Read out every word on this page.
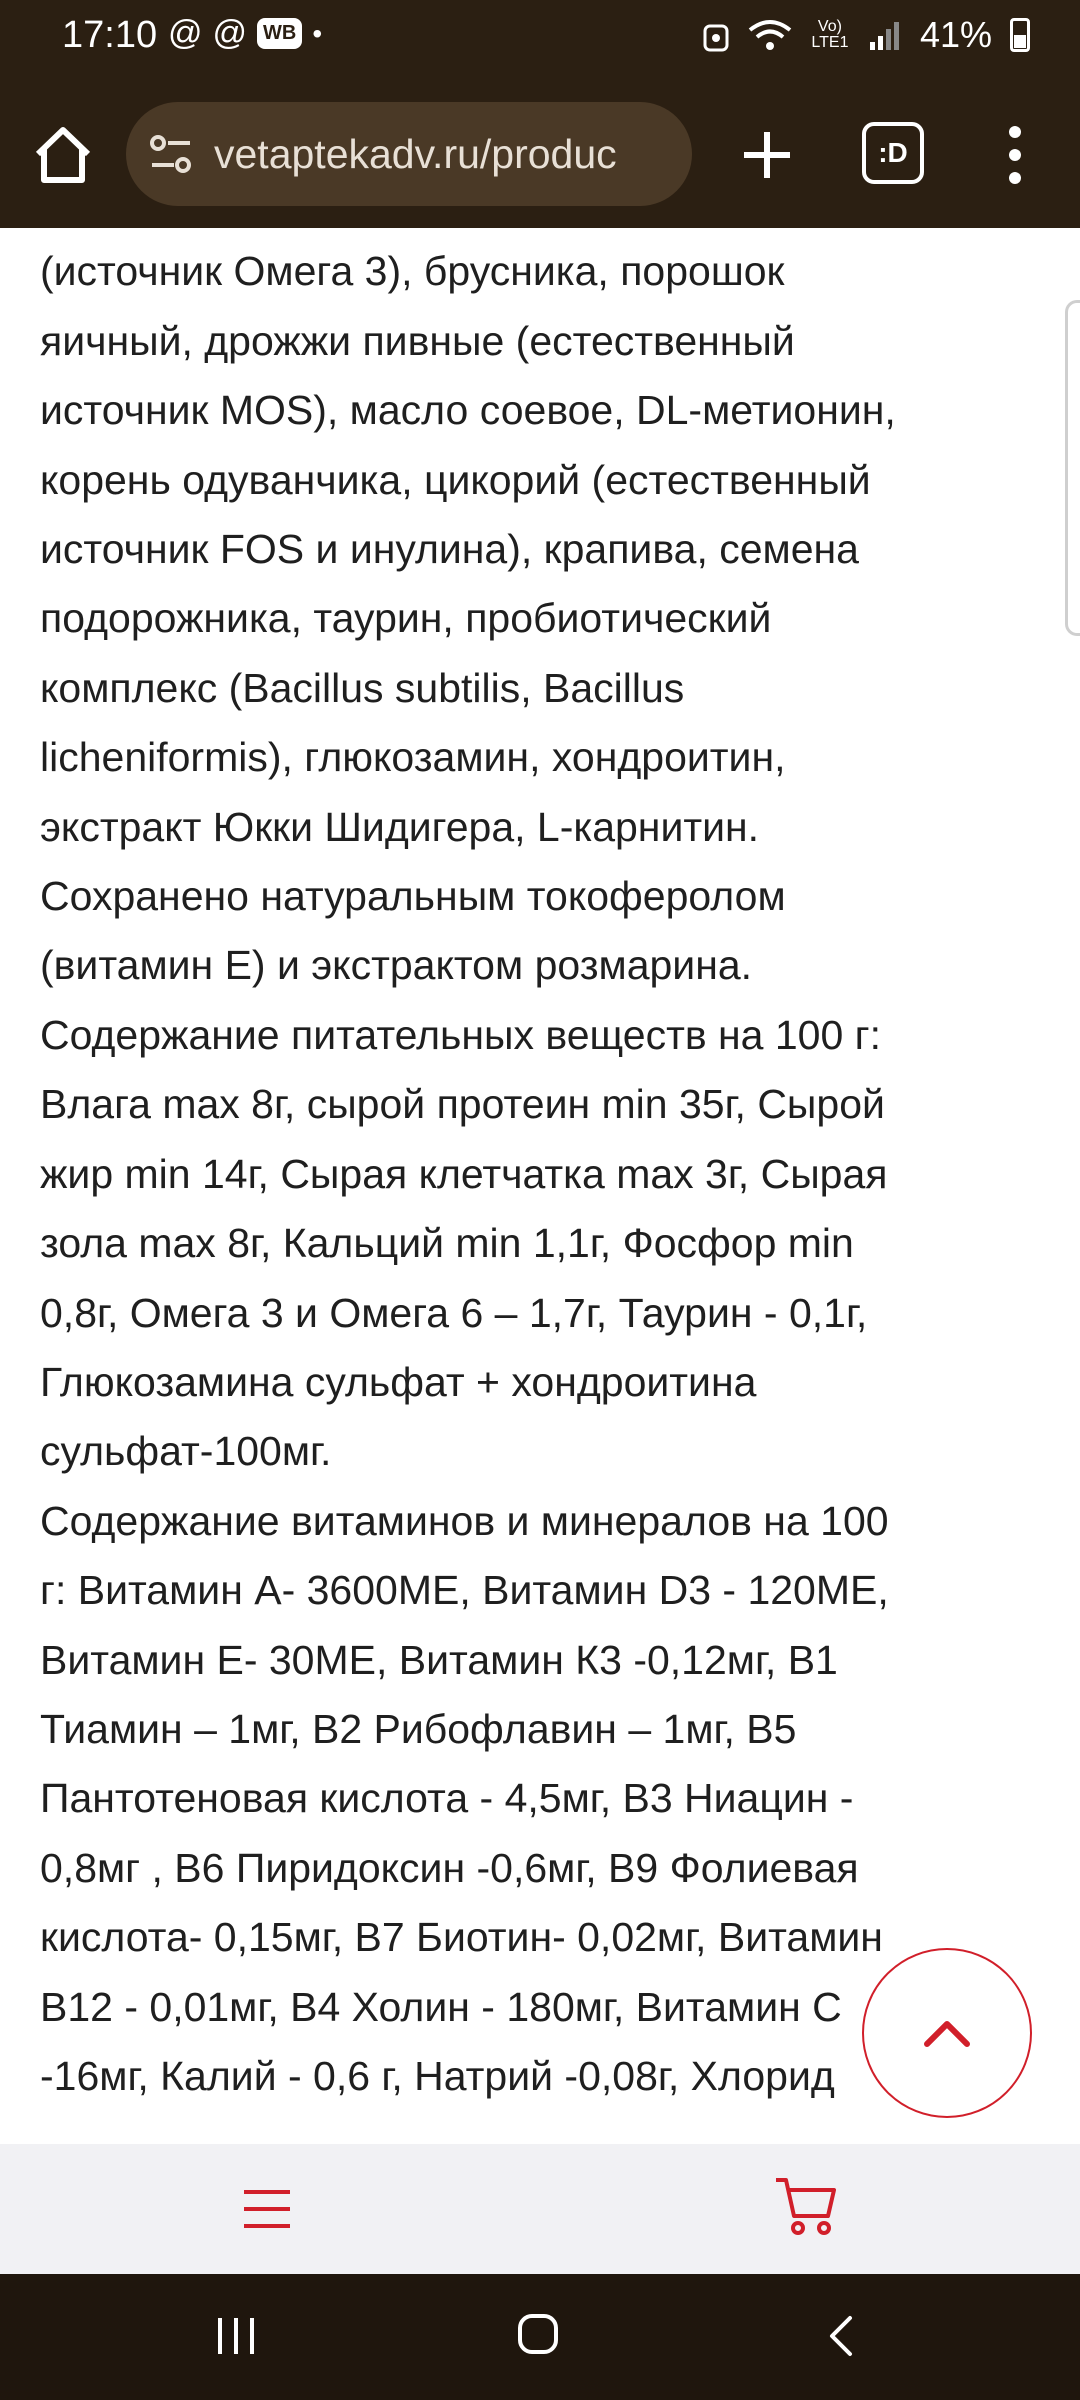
17:10 @ @ WB •	Vo) LTE1 41%
vetaptekadv.ru/produc	:D

(источник Омега 3), брусника, порошок
яичный, дрожжи пивные (естественный
источник MOS), масло соевое, DL-метионин,
корень одуванчика, цикорий (естественный
источник FOS и инулина), крапива, семена
подорожника, таурин, пробиотический
комплекс (Bacillus subtilis, Bacillus
licheniformis), глюкозамин, хондроитин,
экстракт Юкки Шидигера, L-карнитин.

Сохранено натуральным токоферолом
(витамин Е) и экстрактом розмарина.

Содержание питательных веществ на 100 г:
Влага max 8г, сырой протеин min 35г, Сырой
жир min 14г, Сырая клетчатка max 3г, Сырая
зола max 8г, Кальций min 1,1г, Фосфор min
0,8г, Омега 3 и Омега 6 – 1,7г, Таурин - 0,1г,
Глюкозамина сульфат + хондроитина
сульфат-100мг.

Содержание витаминов и минералов на 100
г: Витамин А- 3600МЕ, Витамин D3 - 120МЕ,
Витамин Е- 30МЕ, Витамин К3 -0,12мг, В1
Тиамин – 1мг, В2 Рибофлавин – 1мг, В5
Пантотеновая кислота - 4,5мг, В3 Ниацин -
0,8мг , В6 Пиридоксин -0,6мг, В9 Фолиевая
кислота- 0,15мг, В7 Биотин- 0,02мг, Витамин
В12 - 0,01мг, В4 Холин - 180мг, Витамин С
-16мг, Калий - 0,6 г, Натрий -0,08г, Хлорид
